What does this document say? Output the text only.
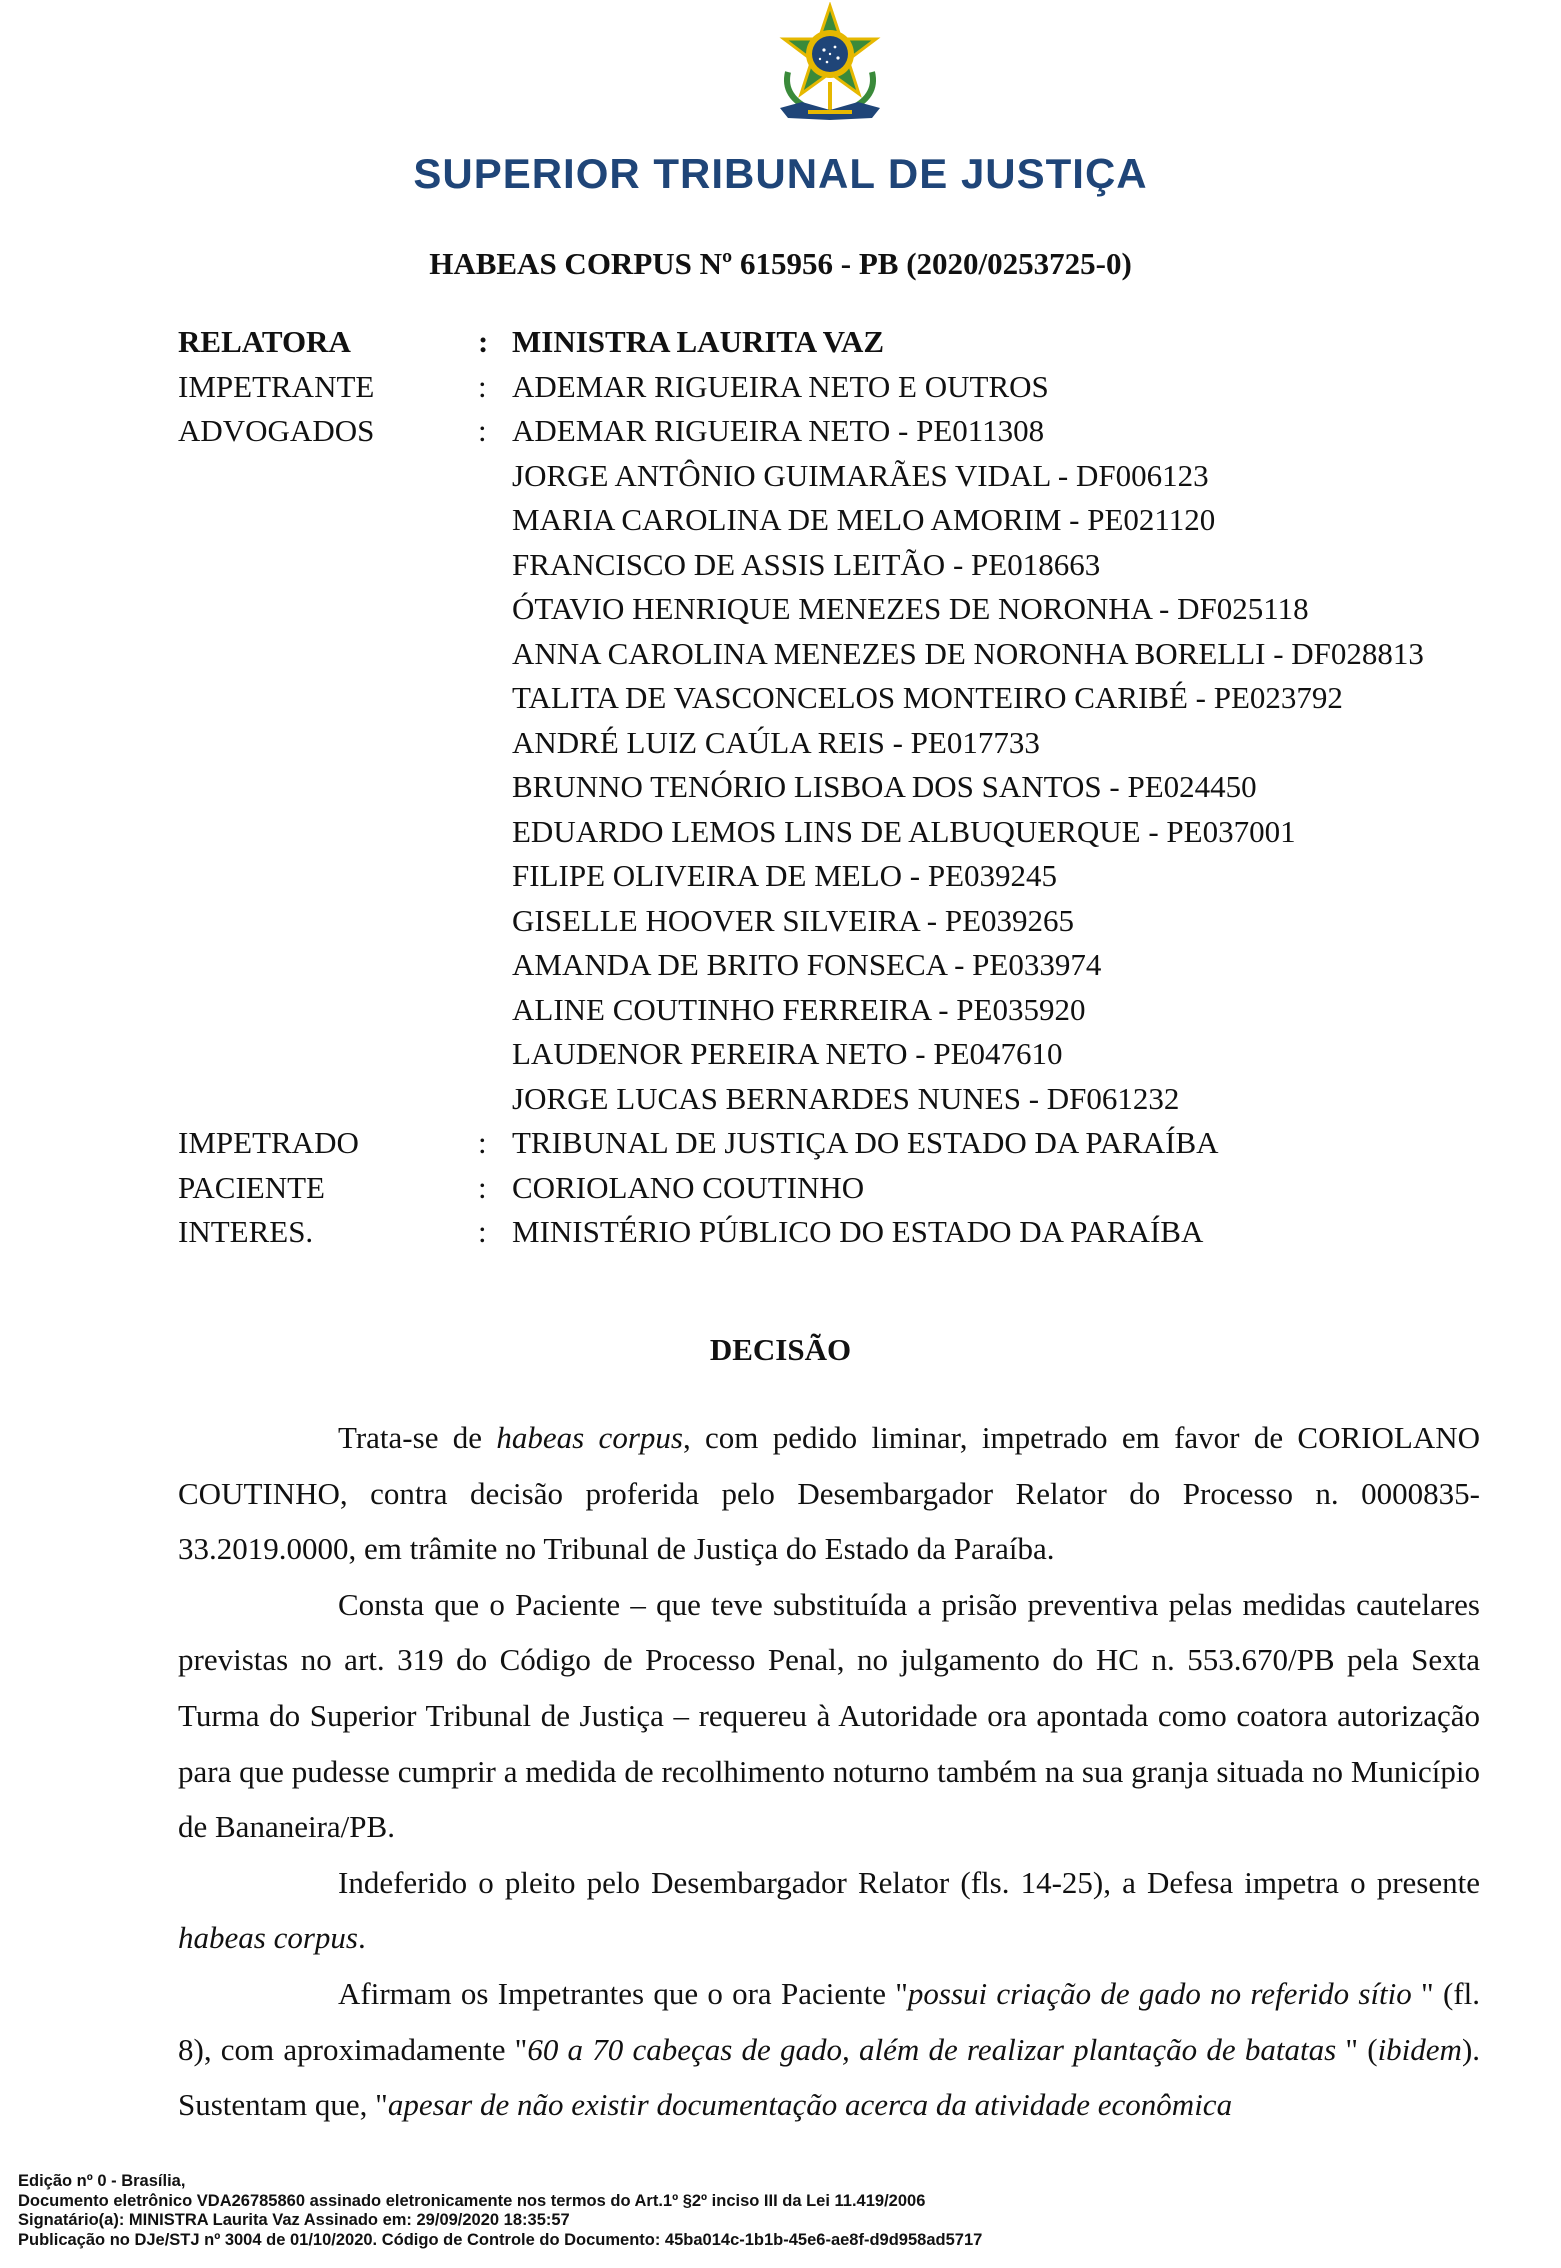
SUPERIOR TRIBUNAL DE JUSTIÇA
HABEAS CORPUS Nº 615956 - PB (2020/0253725-0)
RELATORA	: MINISTRA LAURITA VAZ
IMPETRANTE	: ADEMAR RIGUEIRA NETO E OUTROS
ADVOGADOS	: ADEMAR RIGUEIRA NETO - PE011308
JORGE ANTÔNIO GUIMARÃES VIDAL - DF006123
MARIA CAROLINA DE MELO AMORIM - PE021120
FRANCISCO DE ASSIS LEITÃO - PE018663
ÓTAVIO HENRIQUE MENEZES DE NORONHA - DF025118
ANNA CAROLINA MENEZES DE NORONHA BORELLI - DF028813
TALITA DE VASCONCELOS MONTEIRO CARIBÉ - PE023792
ANDRÉ LUIZ CAÚLA REIS - PE017733
BRUNNO TENÓRIO LISBOA DOS SANTOS - PE024450
EDUARDO LEMOS LINS DE ALBUQUERQUE - PE037001
FILIPE OLIVEIRA DE MELO - PE039245
GISELLE HOOVER SILVEIRA - PE039265
AMANDA DE BRITO FONSECA - PE033974
ALINE COUTINHO FERREIRA - PE035920
LAUDENOR PEREIRA NETO - PE047610
JORGE LUCAS BERNARDES NUNES - DF061232
IMPETRADO	: TRIBUNAL DE JUSTIÇA DO ESTADO DA PARAÍBA
PACIENTE	: CORIOLANO COUTINHO
INTERES.	: MINISTÉRIO PÚBLICO DO ESTADO DA PARAÍBA
DECISÃO

Trata-se de habeas corpus, com pedido liminar, impetrado em favor de CORIOLANO COUTINHO, contra decisão proferida pelo Desembargador Relator do Processo n. 0000835-33.2019.0000, em trâmite no Tribunal de Justiça do Estado da Paraíba.

Consta que o Paciente – que teve substituída a prisão preventiva pelas medidas cautelares previstas no art. 319 do Código de Processo Penal, no julgamento do HC n. 553.670/PB pela Sexta Turma do Superior Tribunal de Justiça – requereu à Autoridade ora apontada como coatora autorização para que pudesse cumprir a medida de recolhimento noturno também na sua granja situada no Município de Bananeira/PB.

Indeferido o pleito pelo Desembargador Relator (fls. 14-25), a Defesa impetra o presente habeas corpus.

Afirmam os Impetrantes que o ora Paciente "possui criação de gado no referido sítio " (fl. 8), com aproximadamente "60 a 70 cabeças de gado, além de realizar plantação de batatas " (ibidem). Sustentam que, "apesar de não existir documentação acerca da atividade econômica

Edição nº 0 - Brasília,
Documento eletrônico VDA26785860 assinado eletronicamente nos termos do Art.1º §2º inciso III da Lei 11.419/2006
Signatário(a): MINISTRA Laurita Vaz Assinado em: 29/09/2020 18:35:57
Publicação no DJe/STJ nº 3004 de 01/10/2020. Código de Controle do Documento: 45ba014c-1b1b-45e6-ae8f-d9d958ad5717
